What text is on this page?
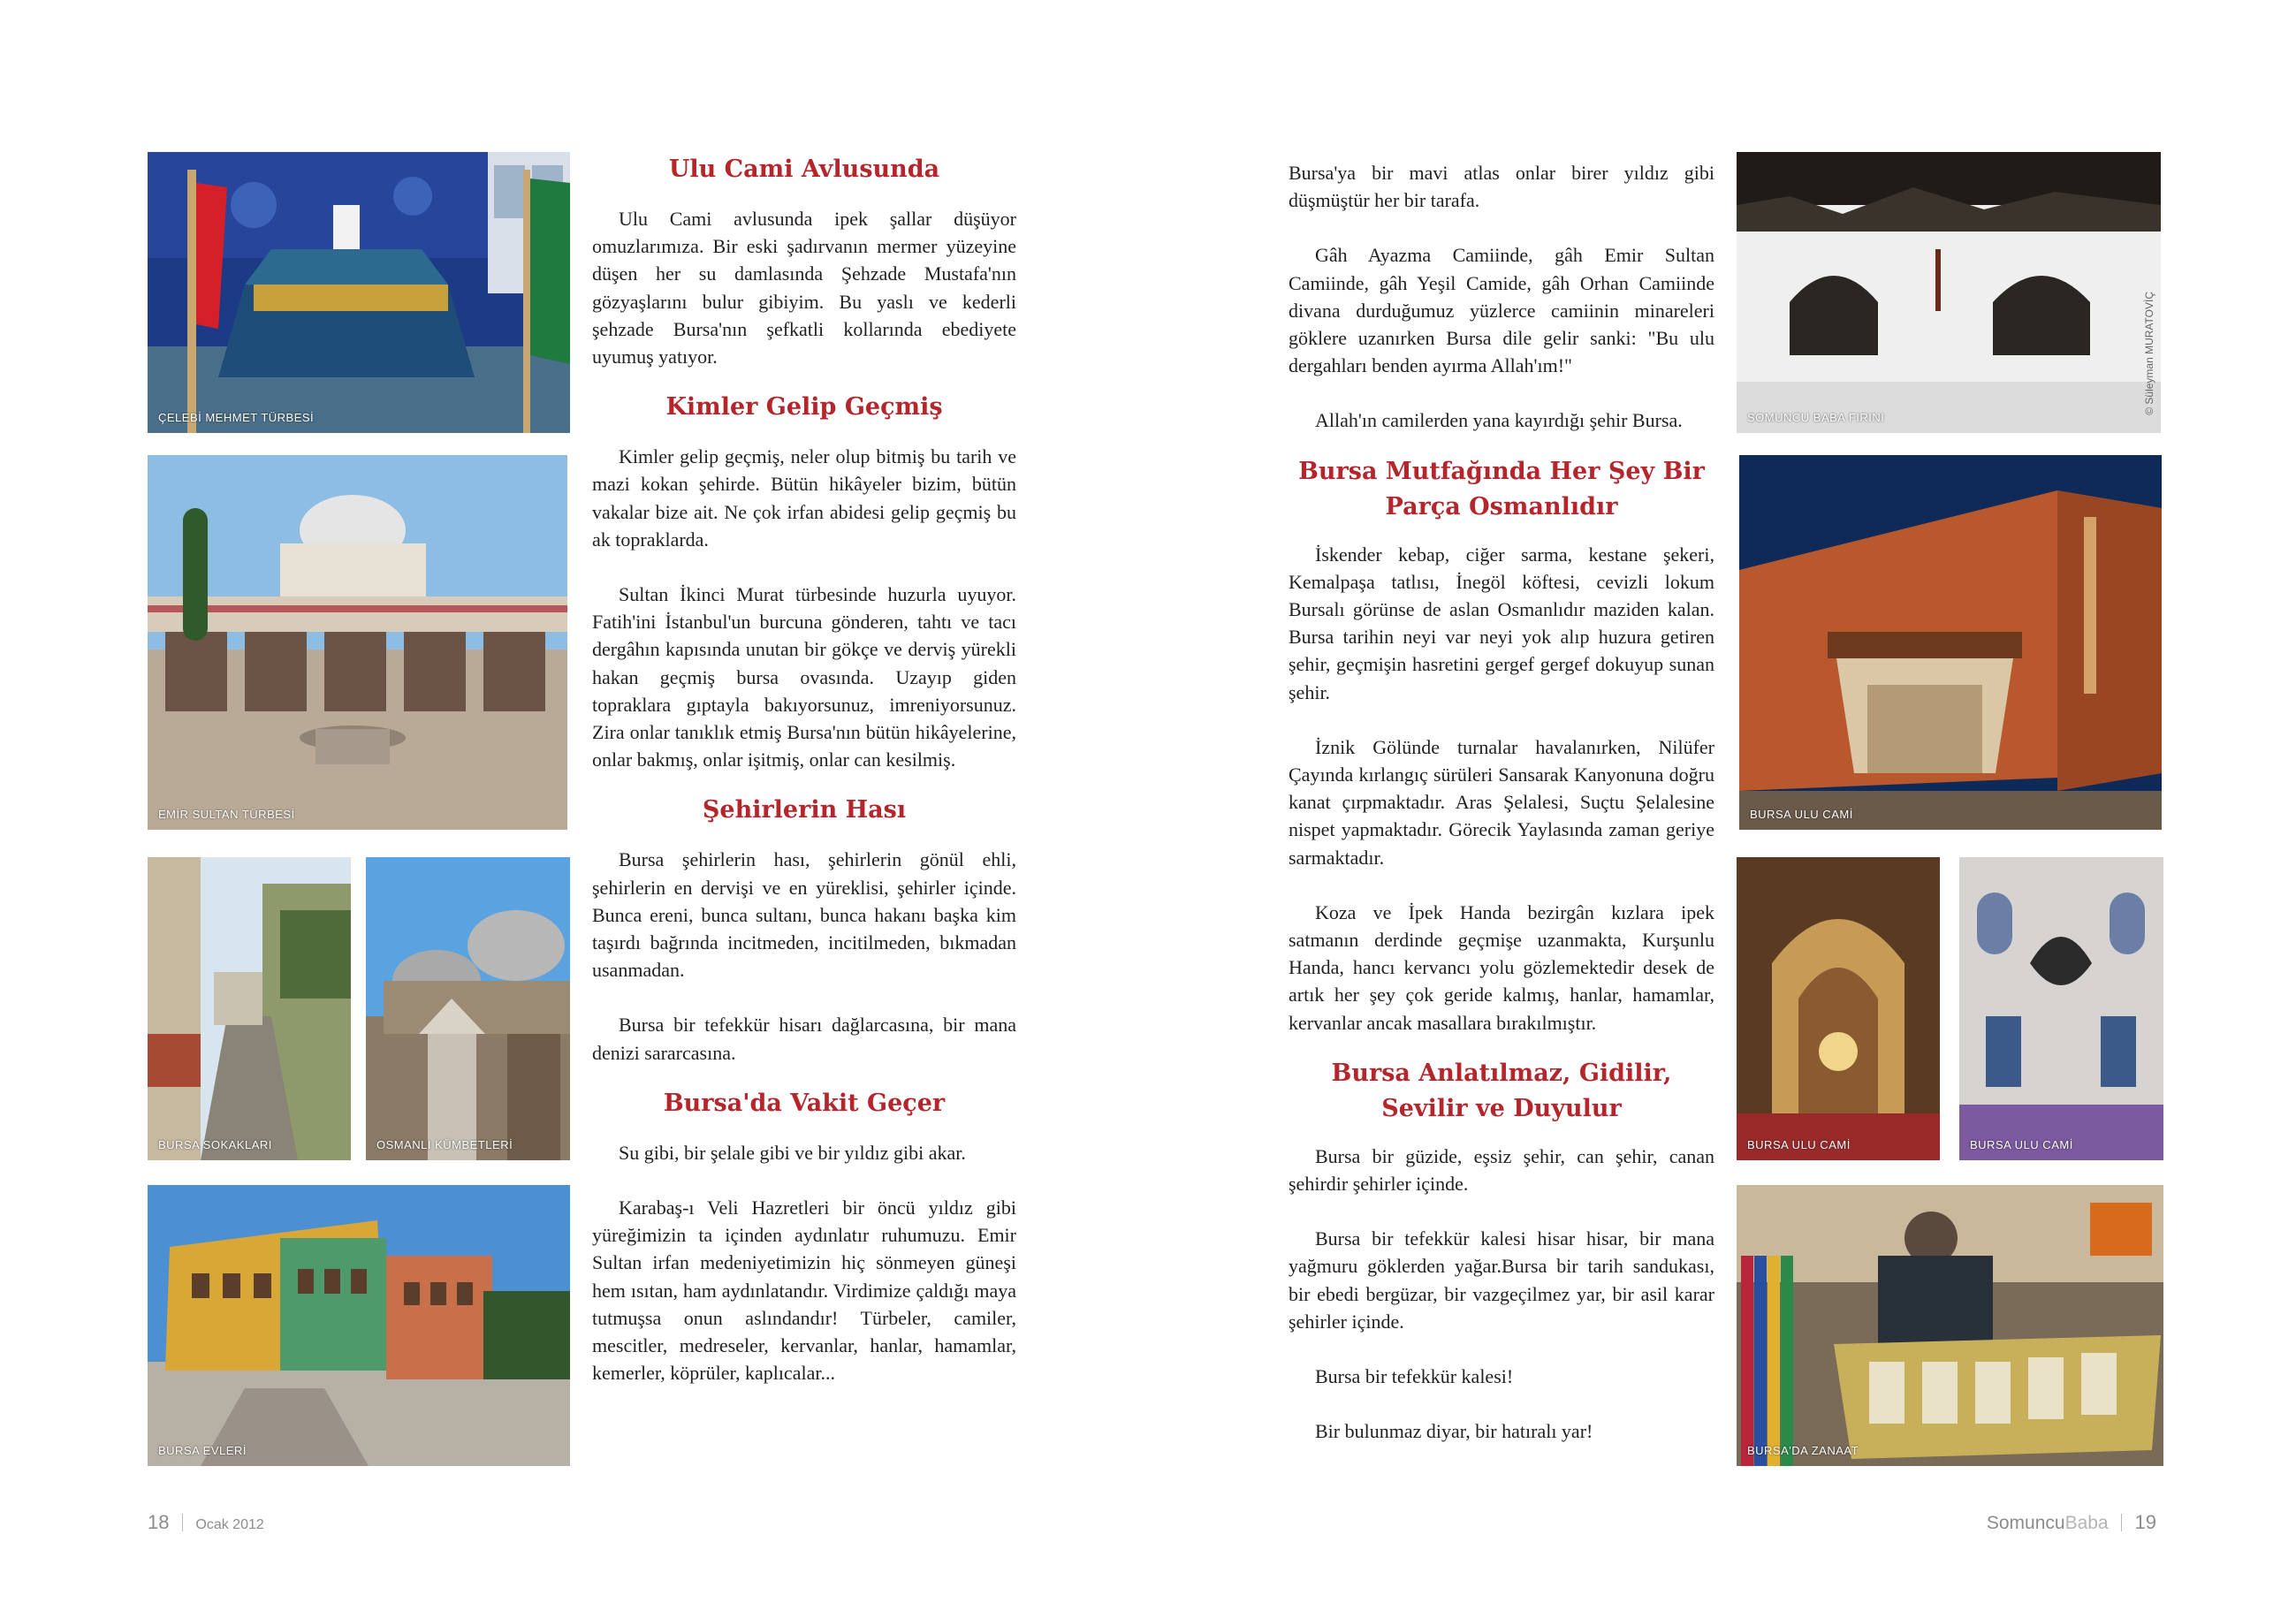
ÇELEBİ MEHMET TÜRBESİ
EMİR SULTAN TÜRBESİ
BURSA SOKAKLARI	OSMANLI KÜMBETLERİ
BURSA EVLERİ
Ulu Cami Avlusunda

Ulu Cami avlusunda ipek şallar düşüyor omuzlarımıza. Bir eski şadırvanın mermer yüzeyine düşen her su damlasında Şehzade Mustafa'nın gözyaşlarını bulur gibiyim. Bu yaslı ve kederli şehzade Bursa'nın şefkatli kollarında ebediyete uyumuş yatıyor.

Kimler Gelip Geçmiş

Kimler gelip geçmiş, neler olup bitmiş bu tarih ve mazi kokan şehirde. Bütün hikâyeler bizim, bütün vakalar bize ait. Ne çok irfan abidesi gelip geçmiş bu ak topraklarda.

Sultan İkinci Murat türbesinde huzurla uyuyor. Fatih'ini İstanbul'un burcuna gönderen, tahtı ve tacı dergâhın kapısında unutan bir gökçe ve derviş yürekli hakan geçmiş bursa ovasında. Uzayıp giden topraklara gıptayla bakıyorsunuz, imreniyorsunuz. Zira onlar tanıklık etmiş Bursa'nın bütün hikâyelerine, onlar bakmış, onlar işitmiş, onlar can kesilmiş.

Şehirlerin Hası

Bursa şehirlerin hası, şehirlerin gönül ehli, şehirlerin en dervişi ve en yüreklisi, şehirler içinde. Bunca ereni, bunca sultanı, bunca hakanı başka kim taşırdı bağrında incitmeden, incitilmeden, bıkmadan usanmadan.

Bursa bir tefekkür hisarı dağlarcasına, bir mana denizi sararcasına.

Bursa'da Vakit Geçer

Su gibi, bir şelale gibi ve bir yıldız gibi akar.

Karabaş-ı Veli Hazretleri bir öncü yıldız gibi yüreğimizin ta içinden aydınlatır ruhumuzu. Emir Sultan irfan medeniyetimizin hiç sönmeyen güneşi hem ısıtan, ham aydınlatandır. Virdimize çaldığı maya tutmuşsa onun aslındandır! Türbeler, camiler, mescitler, medreseler, kervanlar, hanlar, hamamlar, kemerler, köprüler, kaplıcalar...

Bursa'ya bir mavi atlas onlar birer yıldız gibi düşmüştür her bir tarafa.

Gâh Ayazma Camiinde, gâh Emir Sultan Camiinde, gâh Yeşil Camide, gâh Orhan Camiinde divana durduğumuz yüzlerce camiinin minareleri göklere uzanırken Bursa dile gelir sanki: "Bu ulu dergahları benden ayırma Allah'ım!"

Allah'ın camilerden yana kayırdığı şehir Bursa.

Bursa Mutfağında Her Şey Bir Parça Osmanlıdır

İskender kebap, ciğer sarma, kestane şekeri, Kemalpaşa tatlısı, İnegöl köftesi, cevizli lokum Bursalı görünse de aslan Osmanlıdır maziden kalan. Bursa tarihin neyi var neyi yok alıp huzura getiren şehir, geçmişin hasretini gergef gergef dokuyup sunan şehir.

İznik Gölünde turnalar havalanırken, Nilüfer Çayında kırlangıç sürüleri Sansarak Kanyonuna doğru kanat çırpmaktadır. Aras Şelalesi, Suçtu Şelalesine nispet yapmaktadır. Görecik Yaylasında zaman geriye sarmaktadır.

Koza ve İpek Handa bezirgân kızlara ipek satmanın derdinde geçmişe uzanmakta, Kurşunlu Handa, hancı kervancı yolu gözlemektedir desek de artık her şey çok geride kalmış, hanlar, hamamlar, kervanlar ancak masallara bırakılmıştır.

Bursa Anlatılmaz, Gidilir, Sevilir ve Duyulur

Bursa bir güzide, eşsiz şehir, can şehir, canan şehirdir şehirler içinde.

Bursa bir tefekkür kalesi hisar hisar, bir mana yağmuru göklerden yağar.Bursa bir tarih sandukası, bir ebedi bergüzar, bir vazgeçilmez yar, bir asil karar şehirler içinde.

Bursa bir tefekkür kalesi!

Bir bulunmaz diyar, bir hatıralı yar!

SOMUNCU BABA FIRINI
© Süleyman MURATOVİÇ
BURSA ULU CAMİ
BURSA ULU CAMİ	BURSA ULU CAMİ
BURSA'DA ZANAAT
18 Ocak 2012	SomuncuBaba 19
